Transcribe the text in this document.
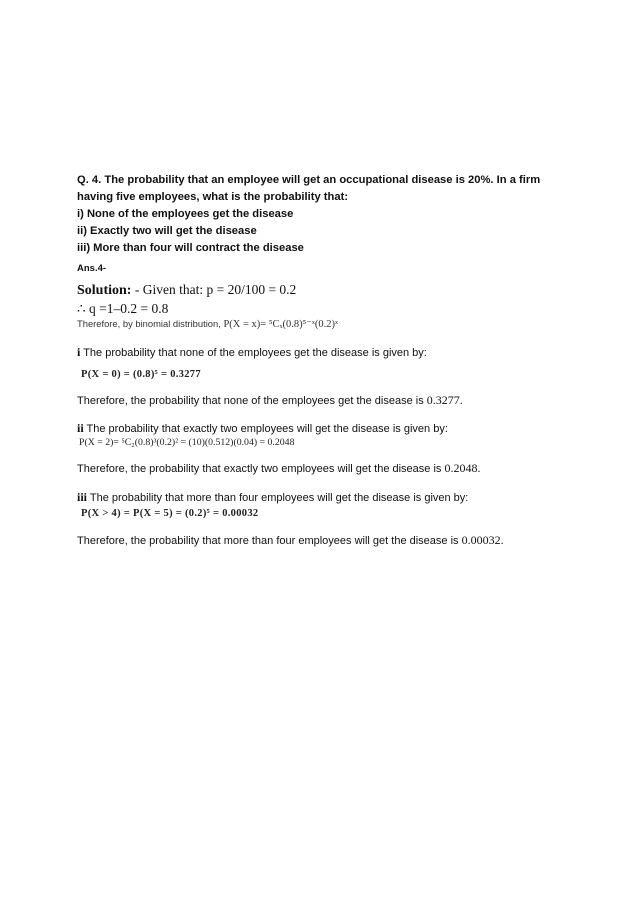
Q. 4. The probability that an employee will get an occupational disease is 20%. In a firm
having five employees, what is the probability that:
i) None of the employees get the disease
ii) Exactly two will get the disease
iii) More than four will contract the disease
Ans.4-
Solution: - Given that: p = 20/100 = 0.2
∴ q =1–0.2 = 0.8
Therefore, by binomial distribution, P(X = x)= ⁵Cₓ(0.8)⁵⁻ˣ(0.2)ˣ
i The probability that none of the employees get the disease is given by:
P(X = 0) = (0.8)⁵ = 0.3277
Therefore, the probability that none of the employees get the disease is 0.3277.
ii The probability that exactly two employees will get the disease is given by:
P(X = 2)= ⁵C₂(0.8)³(0.2)² = (10)(0.512)(0.04) = 0.2048
Therefore, the probability that exactly two employees will get the disease is 0.2048.
iii The probability that more than four employees will get the disease is given by:
P(X > 4) = P(X = 5) = (0.2)⁵ = 0.00032
Therefore, the probability that more than four employees will get the disease is 0.00032.
